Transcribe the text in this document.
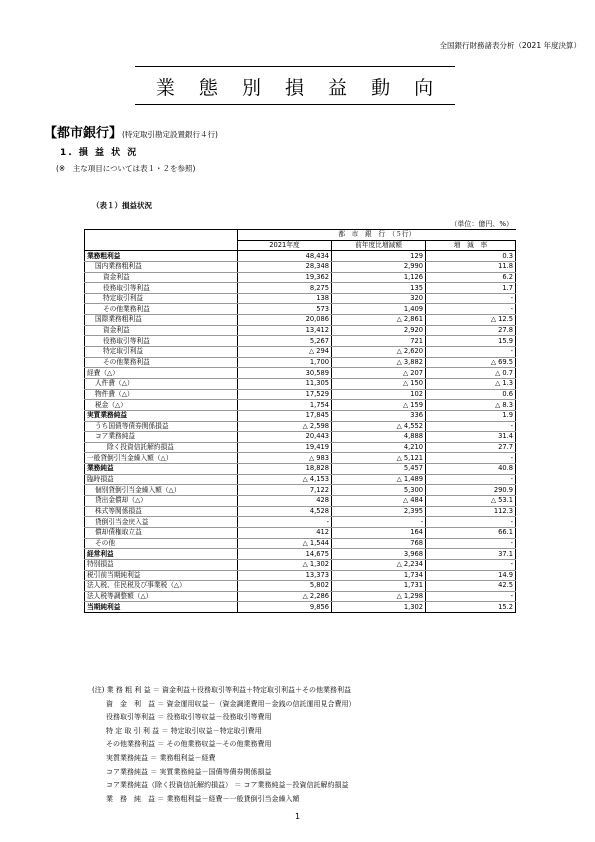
全国銀行財務諸表分析（2021 年度決算）
業 態 別 損 益 動 向
【都市銀行】(特定取引勘定設置銀行４行)
1. 損 益 状 況
(※　主な項目については表１・２を参照)
（表１）損益状況
（単位：億円、%）
	都　市　銀　行　（５行）		
	2021年度	前年度比増減額	増　減　率
業務粗利益	48,434	129	0.3
国内業務粗利益	28,348	2,990	11.8
資金利益	19,362	1,126	6.2
役務取引等利益	8,275	135	1.7
特定取引利益	138	320	-
その他業務利益	573	1,409	-
国際業務粗利益	20,086	△ 2,861	△ 12.5
資金利益	13,412	2,920	27.8
役務取引等利益	5,267	721	15.9
特定取引利益	△ 294	△ 2,620	-
その他業務利益	1,700	△ 3,882	△ 69.5
経費（△）	30,589	△ 207	△ 0.7
人件費（△）	11,305	△ 150	△ 1.3
物件費（△）	17,529	102	0.6
税金（△）	1,754	△ 159	△ 8.3
実質業務純益	17,845	336	1.9
うち国債等債券関係損益	△ 2,598	△ 4,552	-
コア業務純益	20,443	4,888	31.4
除く投資信託解約損益	19,419	4,210	27.7
一般貸倒引当金繰入額（△）	△ 983	△ 5,121	-
業務純益	18,828	5,457	40.8
臨時損益	△ 4,153	△ 1,489	-
個別貸倒引当金繰入額（△）	7,122	5,300	290.9
貸出金償却（△）	428	△ 484	△ 53.1
株式等関係損益	4,528	2,395	112.3
貸倒引当金戻入益	-	-	-
償却債権取立益	412	164	66.1
その他	△ 1,544	768	-
経常利益	14,675	3,968	37.1
特別損益	△ 1,302	△ 2,234	-
税引前当期純利益	13,373	1,734	14.9
法人税、住民税及び事業税（△）	5,802	1,731	42.5
法人税等調整額（△）	△ 2,286	△ 1,298	-
当期純利益	9,856	1,302	15.2
(注) 業 務 粗 利 益 ＝ 資金利益＋役務取引等利益＋特定取引利益＋その他業務利益
　　資　金　利　益 ＝ 資金運用収益－（資金調達費用－金銭の信託運用見合費用）
　　役務取引等利益 ＝ 役務取引等収益－役務取引等費用
　　特 定 取 引 利 益 ＝ 特定取引収益－特定取引費用
　　その他業務利益 ＝ その他業務収益－その他業務費用
　　実質業務純益 ＝ 業務粗利益－経費
　　コア業務純益 ＝ 実質業務純益－国債等債券関係損益
　　コア業務純益（除く投資信託解約損益） ＝ コア業務純益－投資信託解約損益
　　業　務　純　益 ＝ 業務粗利益－経費－一般貸倒引当金繰入額
1
